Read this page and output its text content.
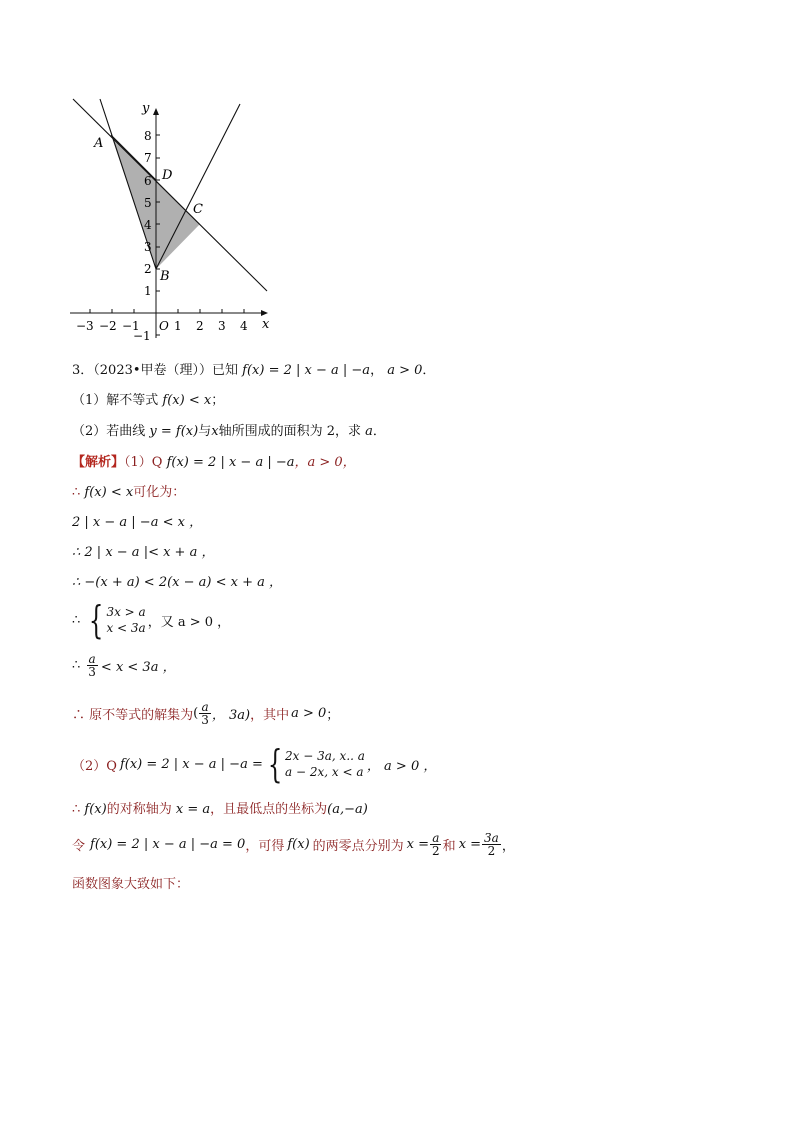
−3 −2 −1 O 1 2 3 4 x
y
−1
1
2
3
4
5
6
7
8
A
B
C
D
3．（2023•甲卷（理））已知 f(x) = 2 | x − a | −a， a > 0．
（1）解不等式 f(x) < x；
（2）若曲线 y = f(x)与x轴所围成的面积为 2，求 a．
【解析】（1）Q f(x) = 2 | x − a | −a，a > 0，
∴ f(x) < x可化为：
2 | x − a | −a < x ，
∴ 2 | x − a |< x + a ，
∴ −(x + a) < 2(x − a) < x + a ，
∴ { 3x > a
x < 3a ，又 a > 0 ，
∴ $\frac{a}{3} < x < 3a$ ，
∴ 原不等式的解集为 ( $\frac{a}{3}$ ， 3a) ，其中 a > 0 ；
（2）Q f(x) = 2 | x − a | −a = { 2x − 3a, x.. a
a − 2x, x < a ， a > 0 ，
∴ f(x)的对称轴为 x = a，且最低点的坐标为(a,−a)
令 f(x) = 2 | x − a | −a = 0 ，可得 f(x) 的两零点分别为 $x = \frac{a}{2}$ 和 $x = \frac{3a}{2}$ ，
函数图象大致如下：
